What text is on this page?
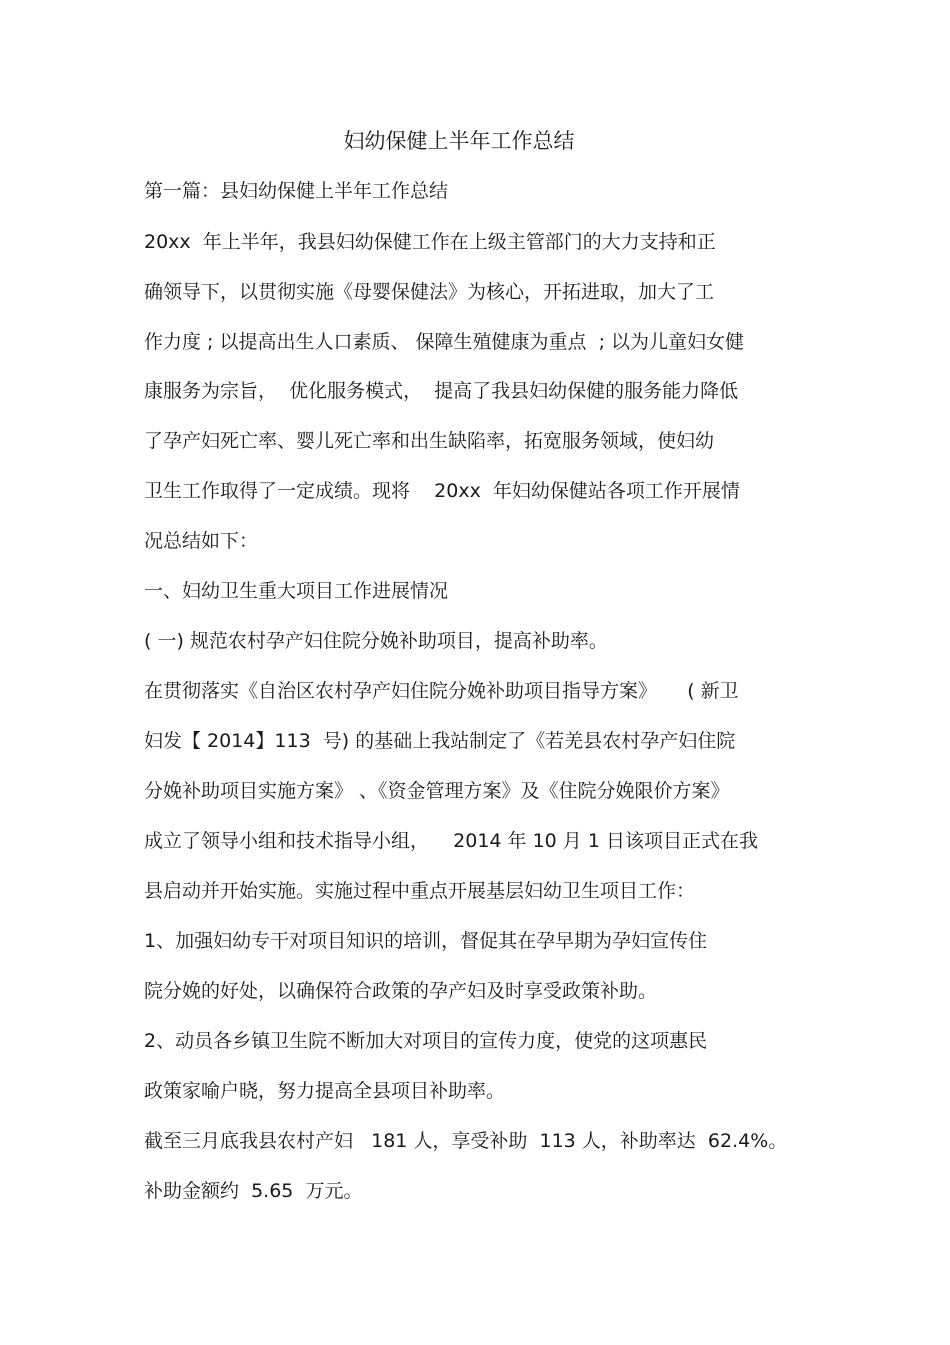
妇幼保健上半年工作总结
第一篇：县妇幼保健上半年工作总结
20xx  年上半年，我县妇幼保健工作在上级主管部门的大力支持和正
确领导下，以贯彻实施《母婴保健法》为核心，开拓进取，加大了工
作力度 ; 以提高出生人口素质、 保障生殖健康为重点  ; 以为儿童妇女健
康服务为宗旨，  优化服务模式，  提高了我县妇幼保健的服务能力降低
了孕产妇死亡率、婴儿死亡率和出生缺陷率，拓宽服务领域，使妇幼
卫生工作取得了一定成绩。现将    20xx  年妇幼保健站各项工作开展情
况总结如下：
一、妇幼卫生重大项目工作进展情况
( 一) 规范农村孕产妇住院分娩补助项目，提高补助率。
在贯彻落实《自治区农村孕产妇住院分娩补助项目指导方案》     ( 新卫
妇发【 2014】113  号) 的基础上我站制定了《若羌县农村孕产妇住院
分娩补助项目实施方案》 、《资金管理方案》及《住院分娩限价方案》
成立了领导小组和技术指导小组，    2014 年 10 月 1 日该项目正式在我
县启动并开始实施。实施过程中重点开展基层妇幼卫生项目工作：
1、加强妇幼专干对项目知识的培训，督促其在孕早期为孕妇宣传住
院分娩的好处，以确保符合政策的孕产妇及时享受政策补助。
2、动员各乡镇卫生院不断加大对项目的宣传力度，使党的这项惠民
政策家喻户晓，努力提高全县项目补助率。
截至三月底我县农村产妇   181 人，享受补助  113 人，补助率达  62.4%。
补助金额约  5.65  万元。
